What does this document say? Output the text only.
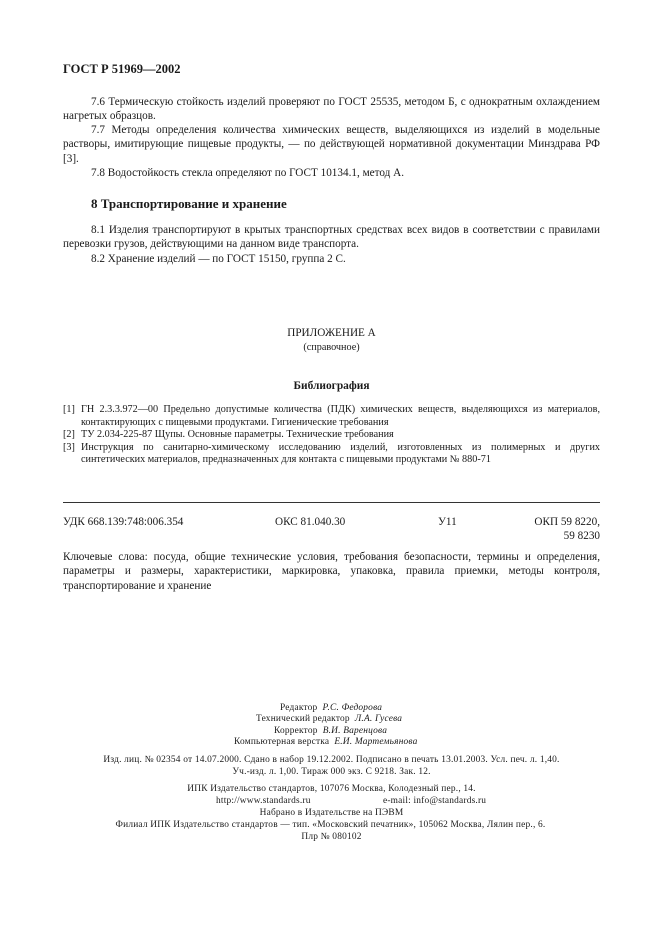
ГОСТ Р 51969—2002
7.6 Термическую стойкость изделий проверяют по ГОСТ 25535, методом Б, с однократным охлаждением нагретых образцов.
7.7 Методы определения количества химических веществ, выделяющихся из изделий в модельные растворы, имитирующие пищевые продукты, — по действующей нормативной документации Минздрава РФ [3].
7.8 Водостойкость стекла определяют по ГОСТ 10134.1, метод А.
8 Транспортирование и хранение
8.1 Изделия транспортируют в крытых транспортных средствах всех видов в соответствии с правилами перевозки грузов, действующими на данном виде транспорта.
8.2 Хранение изделий — по ГОСТ 15150, группа 2 С.
ПРИЛОЖЕНИЕ А
(справочное)
Библиография
[1] ГН 2.3.3.972—00 Предельно допустимые количества (ПДК) химических веществ, выделяющихся из материалов, контактирующих с пищевыми продуктами. Гигиенические требования
[2] ТУ 2.034-225-87 Щупы. Основные параметры. Технические требования
[3] Инструкция по санитарно-химическому исследованию изделий, изготовленных из полимерных и других синтетических материалов, предназначенных для контакта с пищевыми продуктами № 880-71
УДК 668.139:748:006.354	ОКС 81.040.30	У11	ОКП 59 8220,
59 8230
Ключевые слова: посуда, общие технические условия, требования безопасности, термины и определения, параметры и размеры, характеристики, маркировка, упаковка, правила приемки, методы контроля, транспортирование и хранение
Редактор Р.С. Федорова
Технический редактор Л.А. Гусева
Корректор В.И. Варенцова
Компьютерная верстка Е.И. Мартемьянова
Изд. лиц. № 02354 от 14.07.2000. Сдано в набор 19.12.2002. Подписано в печать 13.01.2003. Усл. печ. л. 1,40.
Уч.-изд. л. 1,00. Тираж 000 экз. С 9218. Зак. 12.
ИПК Издательство стандартов, 107076 Москва, Колодезный пер., 14.
http://www.standards.ru	e-mail: info@standards.ru
Набрано в Издательстве на ПЭВМ
Филиал ИПК Издательство стандартов — тип. «Московский печатник», 105062 Москва, Лялин пер., 6.
Плр № 080102
